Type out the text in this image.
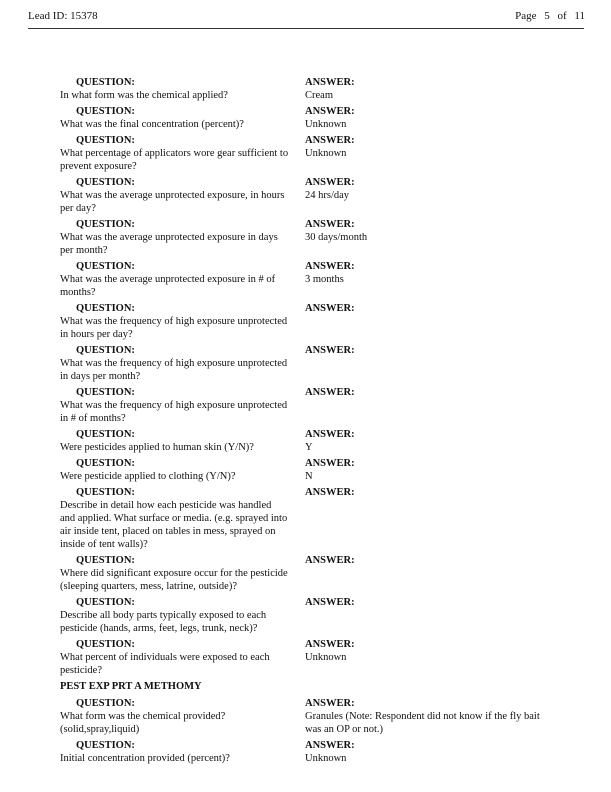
Lead ID: 15378	Page 5 of 11
QUESTION:	ANSWER:
In what form was the chemical applied?	Cream
QUESTION:	ANSWER:
What was the final concentration (percent)?	Unknown
QUESTION:	ANSWER:
What percentage of applicators wore gear sufficient to prevent exposure?
Unknown
QUESTION:	ANSWER:
What was the average unprotected exposure, in hours per day?
24 hrs/day
QUESTION:	ANSWER:
What was the average unprotected exposure in days per month?
30 days/month
QUESTION:	ANSWER:
What was the average unprotected exposure in # of months?
3 months
QUESTION:	ANSWER:
What was the frequency of high exposure unprotected in hours per day?
QUESTION:	ANSWER:
What was the frequency of high exposure unprotected in days per month?
QUESTION:	ANSWER:
What was the frequency of high exposure unprotected in # of months?
QUESTION:	ANSWER:
Were pesticides applied to human skin (Y/N)?	Y
QUESTION:	ANSWER:
Were pesticide applied to clothing (Y/N)?	N
QUESTION:	ANSWER:
Describe in detail how each pesticide was handled and applied. What surface or media. (e.g. sprayed into air inside tent, placed on tables in mess, sprayed on inside of tent walls)?
QUESTION:	ANSWER:
Where did significant exposure occur for the pesticide (sleeping quarters, mess, latrine, outside)?
QUESTION:	ANSWER:
Describe all body parts typically exposed to each pesticide (hands, arms, feet, legs, trunk, neck)?
QUESTION:	ANSWER:
What percent of individuals were exposed to each pesticide?
Unknown
PEST EXP PRT A METHOMY
QUESTION:	ANSWER:
What form was the chemical provided?(solid,spray,liquid)
Granules (Note: Respondent did not know if the fly bait was an OP or not.)
QUESTION:	ANSWER:
Initial concentration provided (percent)?	Unknown
